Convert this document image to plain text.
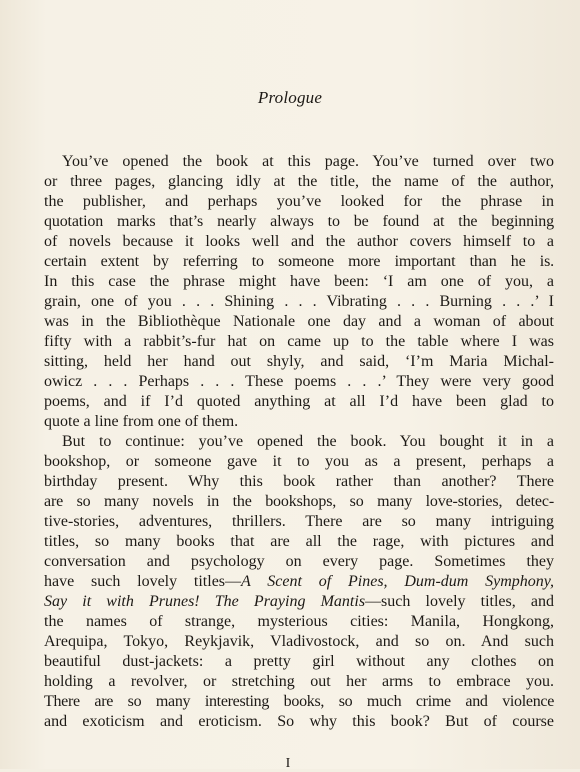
Prologue
You’ve opened the book at this page. You’ve turned over two
or three pages, glancing idly at the title, the name of the author,
the publisher, and perhaps you’ve looked for the phrase in
quotation marks that’s nearly always to be found at the beginning
of novels because it looks well and the author covers himself to a
certain extent by referring to someone more important than he is.
In this case the phrase might have been: ‘I am one of you, a
grain, one of you . . . Shining . . . Vibrating . . . Burning . . .’ I
was in the Bibliothèque Nationale one day and a woman of about
fifty with a rabbit’s-fur hat on came up to the table where I was
sitting, held her hand out shyly, and said, ‘I’m Maria Michal-
owicz . . . Perhaps . . . These poems . . .’ They were very good
poems, and if I’d quoted anything at all I’d have been glad to
quote a line from one of them.
But to continue: you’ve opened the book. You bought it in a
bookshop, or someone gave it to you as a present, perhaps a
birthday present. Why this book rather than another? There
are so many novels in the bookshops, so many love-stories, detec-
tive-stories, adventures, thrillers. There are so many intriguing
titles, so many books that are all the rage, with pictures and
conversation and psychology on every page. Sometimes they
have such lovely titles—A Scent of Pines, Dum-dum Symphony,
Say it with Prunes! The Praying Mantis—such lovely titles, and
the names of strange, mysterious cities: Manila, Hongkong,
Arequipa, Tokyo, Reykjavik, Vladivostock, and so on. And such
beautiful dust-jackets: a pretty girl without any clothes on
holding a revolver, or stretching out her arms to embrace you.
There are so many interesting books, so much crime and violence
and exoticism and eroticism. So why this book? But of course
I
